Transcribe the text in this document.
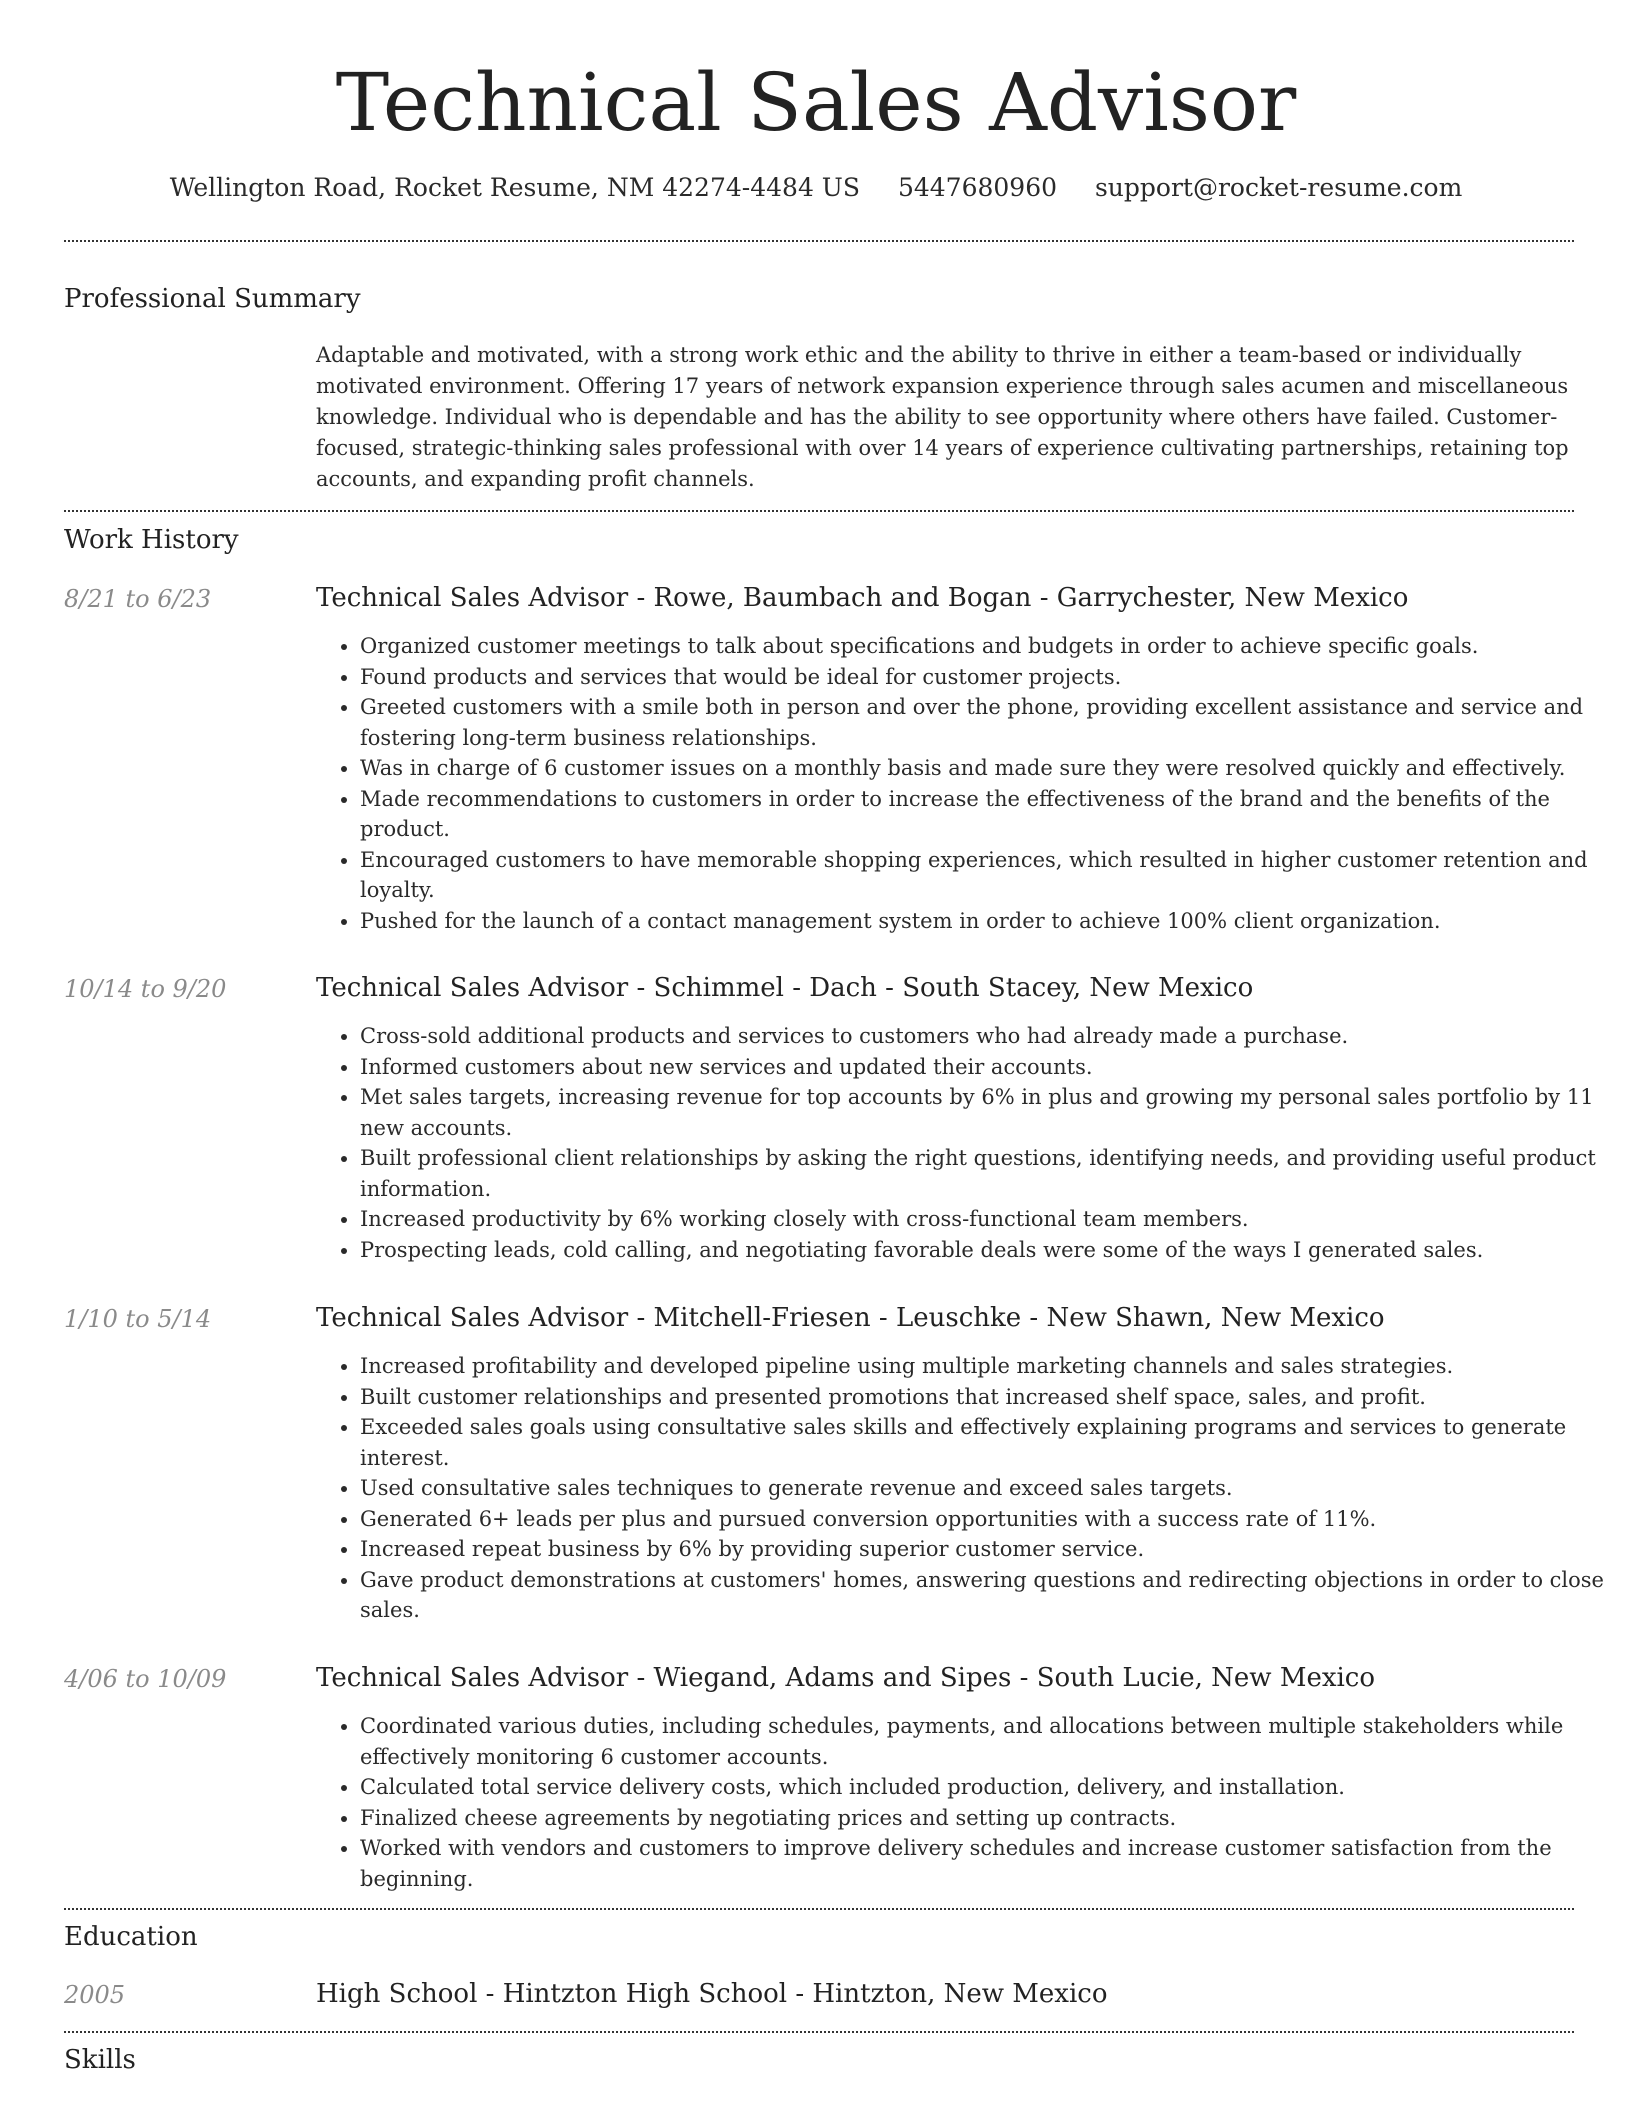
Technical Sales Advisor
Wellington Road, Rocket Resume, NM 42274-4484 US 5447680960 support@rocket-resume.com
Professional Summary

Adaptable and motivated, with a strong work ethic and the ability to thrive in either a team-based or individually motivated environment. Offering 17 years of network expansion experience through sales acumen and miscellaneous knowledge. Individual who is dependable and has the ability to see opportunity where others have failed. Customer-focused, strategic-thinking sales professional with over 14 years of experience cultivating partnerships, retaining top accounts, and expanding profit channels.

Work History
8/21 to 6/23	Technical Sales Advisor - Rowe, Baumbach and Bogan - Garrychester, New Mexico
• Organized customer meetings to talk about specifications and budgets in order to achieve specific goals.
• Found products and services that would be ideal for customer projects.
• Greeted customers with a smile both in person and over the phone, providing excellent assistance and service and fostering long-term business relationships.
• Was in charge of 6 customer issues on a monthly basis and made sure they were resolved quickly and effectively.
• Made recommendations to customers in order to increase the effectiveness of the brand and the benefits of the product.
• Encouraged customers to have memorable shopping experiences, which resulted in higher customer retention and loyalty.
• Pushed for the launch of a contact management system in order to achieve 100% client organization.
10/14 to 9/20	Technical Sales Advisor - Schimmel - Dach - South Stacey, New Mexico
• Cross-sold additional products and services to customers who had already made a purchase.
• Informed customers about new services and updated their accounts.
• Met sales targets, increasing revenue for top accounts by 6% in plus and growing my personal sales portfolio by 11 new accounts.
• Built professional client relationships by asking the right questions, identifying needs, and providing useful product information.
• Increased productivity by 6% working closely with cross-functional team members.
• Prospecting leads, cold calling, and negotiating favorable deals were some of the ways I generated sales.
1/10 to 5/14	Technical Sales Advisor - Mitchell-Friesen - Leuschke - New Shawn, New Mexico
• Increased profitability and developed pipeline using multiple marketing channels and sales strategies.
• Built customer relationships and presented promotions that increased shelf space, sales, and profit.
• Exceeded sales goals using consultative sales skills and effectively explaining programs and services to generate interest.
• Used consultative sales techniques to generate revenue and exceed sales targets.
• Generated 6+ leads per plus and pursued conversion opportunities with a success rate of 11%.
• Increased repeat business by 6% by providing superior customer service.
• Gave product demonstrations at customers' homes, answering questions and redirecting objections in order to close sales.
4/06 to 10/09	Technical Sales Advisor - Wiegand, Adams and Sipes - South Lucie, New Mexico
• Coordinated various duties, including schedules, payments, and allocations between multiple stakeholders while effectively monitoring 6 customer accounts.
• Calculated total service delivery costs, which included production, delivery, and installation.
• Finalized cheese agreements by negotiating prices and setting up contracts.
• Worked with vendors and customers to improve delivery schedules and increase customer satisfaction from the beginning.
Education
2005	High School - Hintzton High School - Hintzton, New Mexico
Skills
